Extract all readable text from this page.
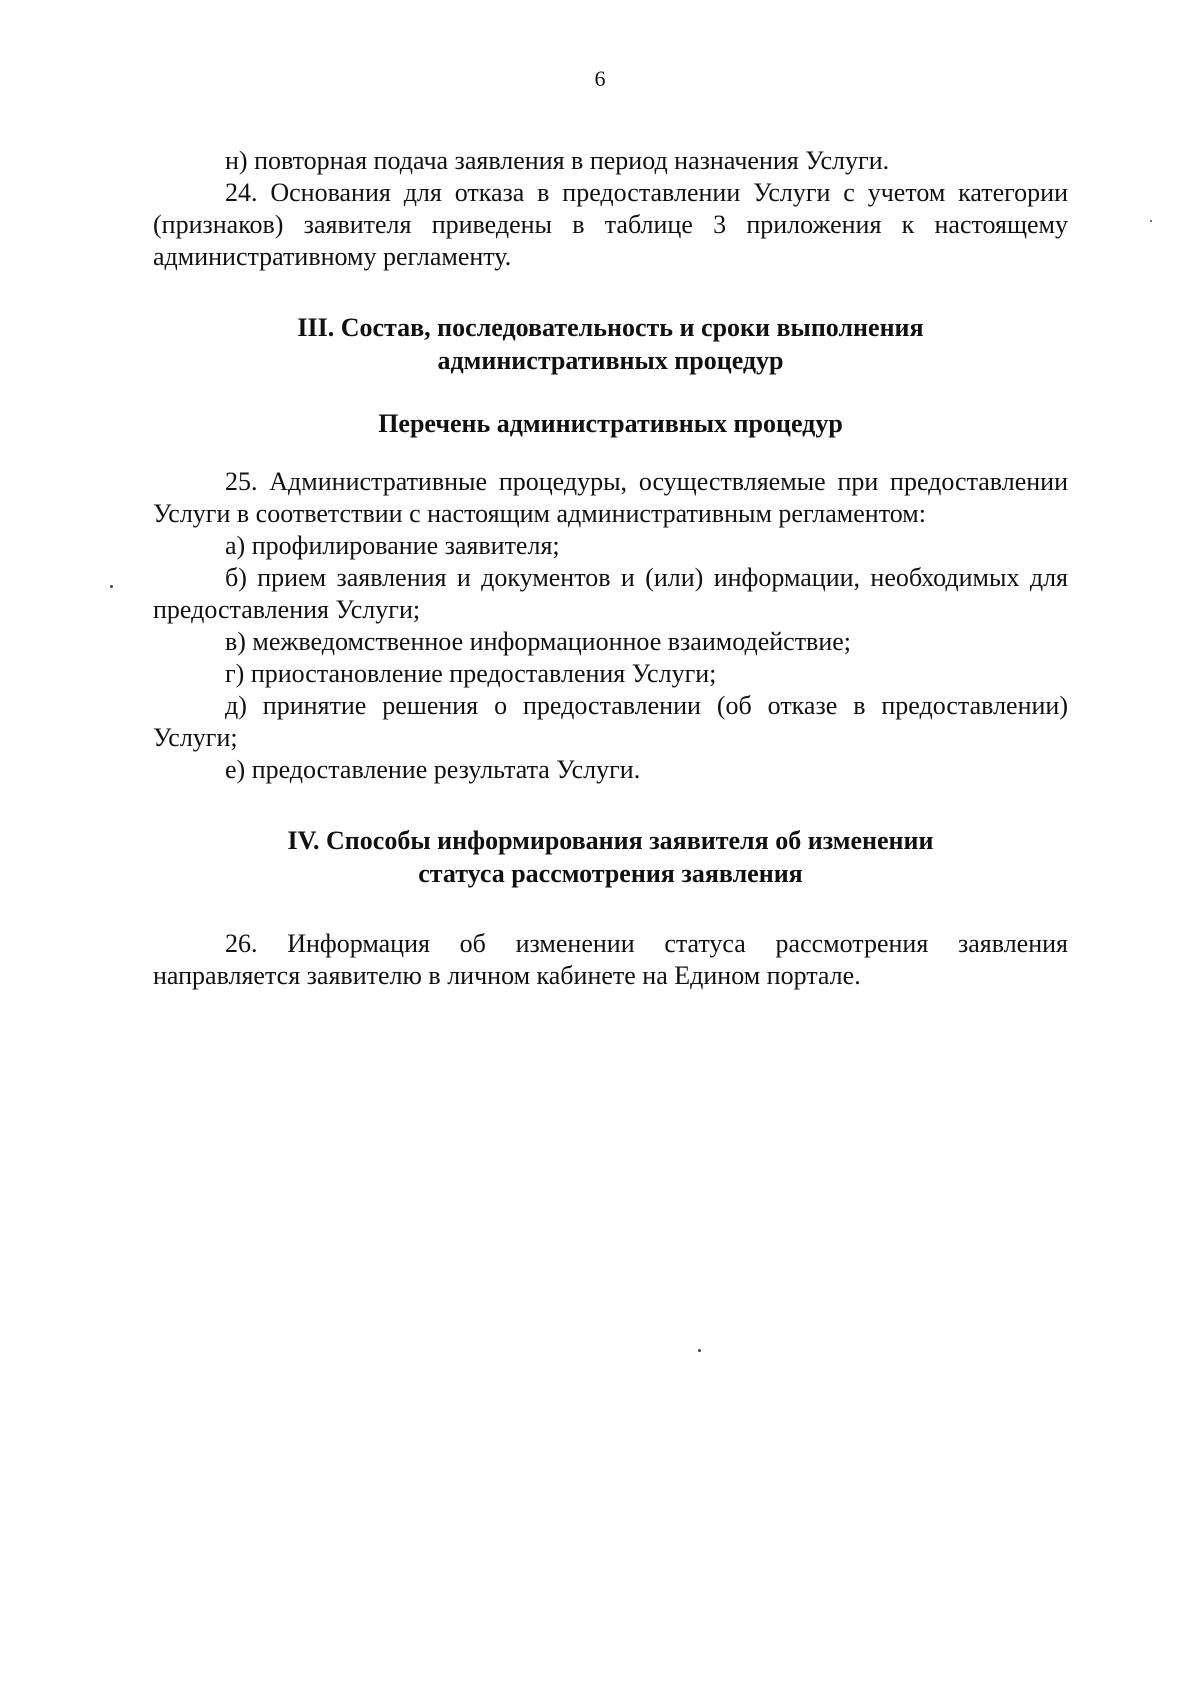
6

н) повторная подача заявления в период назначения Услуги.

24. Основания для отказа в предоставлении Услуги с учетом категории (признаков) заявителя приведены в таблице 3 приложения к настоящему административному регламенту.

III. Состав, последовательность и сроки выполнения

административных процедур

Перечень административных процедур

25. Административные процедуры, осуществляемые при предоставлении Услуги в соответствии с настоящим административным регламентом:

а) профилирование заявителя;

б) прием заявления и документов и (или) информации, необходимых для предоставления Услуги;

в) межведомственное информационное взаимодействие;

г) приостановление предоставления Услуги;

д) принятие решения о предоставлении (об отказе в предоставлении) Услуги;

е) предоставление результата Услуги.

IV. Способы информирования заявителя об изменении

статуса рассмотрения заявления

26. Информация об изменении статуса рассмотрения заявления направляется заявителю в личном кабинете на Едином портале.
